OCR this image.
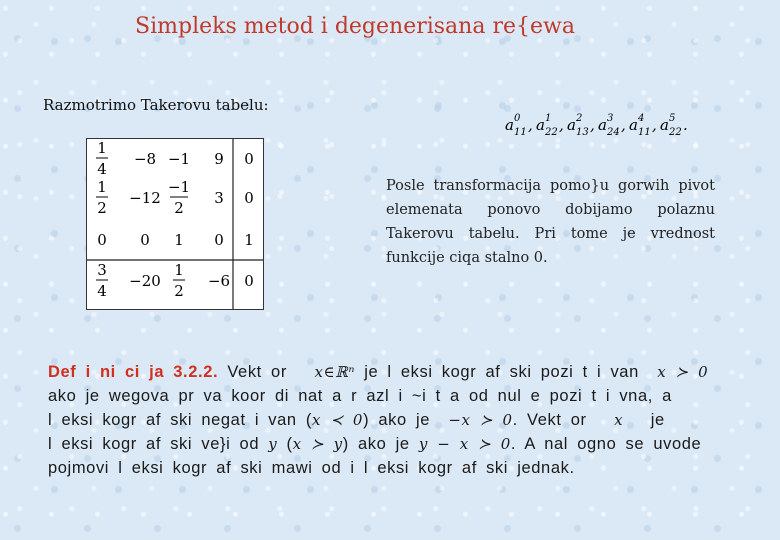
Simpleks metod i degenerisana re{ewa
Razmotrimo Takerovu tabelu:
a 0
11 , a 1
22 , a 2
13 , a 3
24 , a 4
11 , a 5
22 .
1
4
−8 −1 9 0
1
2
−12
−1
2
3 0
0 0 1 0 1
3
4
−20
1
2
−6 0
Posle transformacija pomo}u gorwih pivot elemenata ponovo dobijamo polaznu Takerovu tabelu. Pri tome je vrednost funkcije ciqa stalno 0.
Def i ni ci ja 3.2.2. Vekt or x∈ℝⁿ je l eksi kogr af ski pozi t i van x ≻ 0
ako je wegova pr va koor di nat a r azl i ~i t a od nul e pozi t i vna, a
l eksi kogr af ski negat i van (x ≺ 0) ako je −x ≻ 0. Vekt or x je
l eksi kogr af ski ve}i od y (x ≻ y) ako je y − x ≻ 0. A nal ogno se uvode
pojmovi l eksi kogr af ski mawi od i l eksi kogr af ski jednak.
